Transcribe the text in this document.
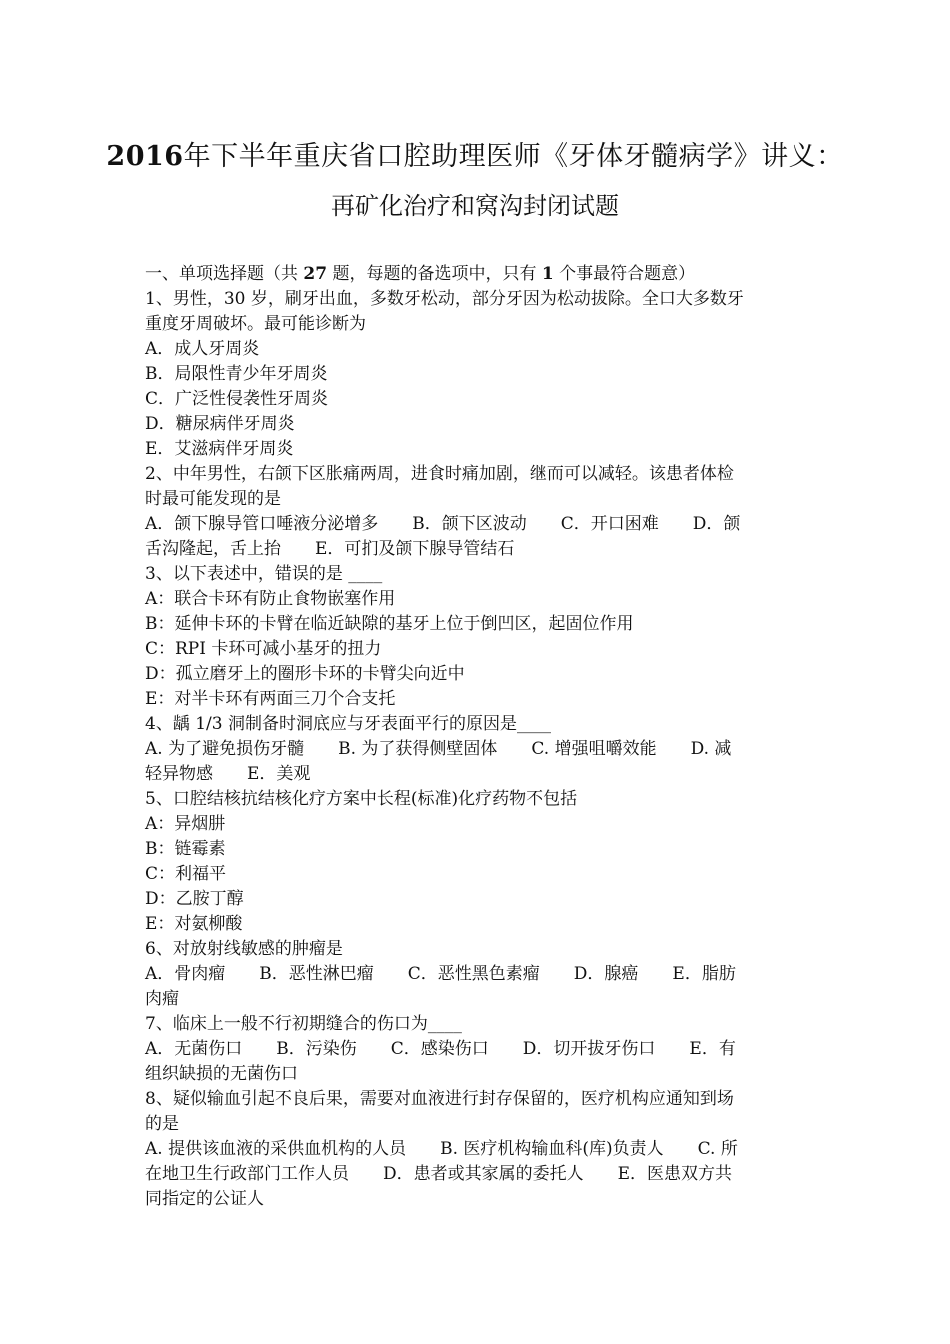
2016年下半年重庆省口腔助理医师《牙体牙髓病学》讲义：
再矿化治疗和窝沟封闭试题

一、单项选择题（共 27 题，每题的备选项中，只有 1 个事最符合题意）

1、男性，30 岁，刷牙出血，多数牙松动，部分牙因为松动拔除。全口大多数牙

重度牙周破坏。最可能诊断为

A．成人牙周炎

B．局限性青少年牙周炎

C．广泛性侵袭性牙周炎

D．糖尿病伴牙周炎

E．艾滋病伴牙周炎

2、中年男性，右颌下区胀痛两周，进食时痛加剧，继而可以减轻。该患者体检

时最可能发现的是

A．颌下腺导管口唾液分泌增多　　B．颌下区波动　　C．开口困难　　D．颌

舌沟隆起，舌上抬　　E．可扪及颌下腺导管结石

3、以下表述中，错误的是 ____

A：联合卡环有防止食物嵌塞作用

B：延伸卡环的卡臂在临近缺隙的基牙上位于倒凹区，起固位作用

C：RPI 卡环可减小基牙的扭力

D：孤立磨牙上的圈形卡环的卡臂尖向近中

E：对半卡环有两面三刀个合支托

4、龋 1/3 洞制备时洞底应与牙表面平行的原因是____

A. 为了避免损伤牙髓　　B. 为了获得侧壁固体　　C. 增强咀嚼效能　　D. 减

轻异物感　　E．美观

5、口腔结核抗结核化疗方案中长程(标准)化疗药物不包括

A：异烟肼

B：链霉素

C：利福平

D：乙胺丁醇

E：对氨柳酸

6、对放射线敏感的肿瘤是

A．骨肉瘤　　B．恶性淋巴瘤　　C．恶性黑色素瘤　　D．腺癌　　E．脂肪

肉瘤

7、临床上一般不行初期缝合的伤口为____

A．无菌伤口　　B．污染伤　　C．感染伤口　　D．切开拔牙伤口　　E．有

组织缺损的无菌伤口

8、疑似输血引起不良后果，需要对血液进行封存保留的，医疗机构应通知到场

的是

A. 提供该血液的采供血机构的人员　　B. 医疗机构输血科(库)负责人　　C. 所

在地卫生行政部门工作人员　　D．患者或其家属的委托人　　E．医患双方共

同指定的公证人
